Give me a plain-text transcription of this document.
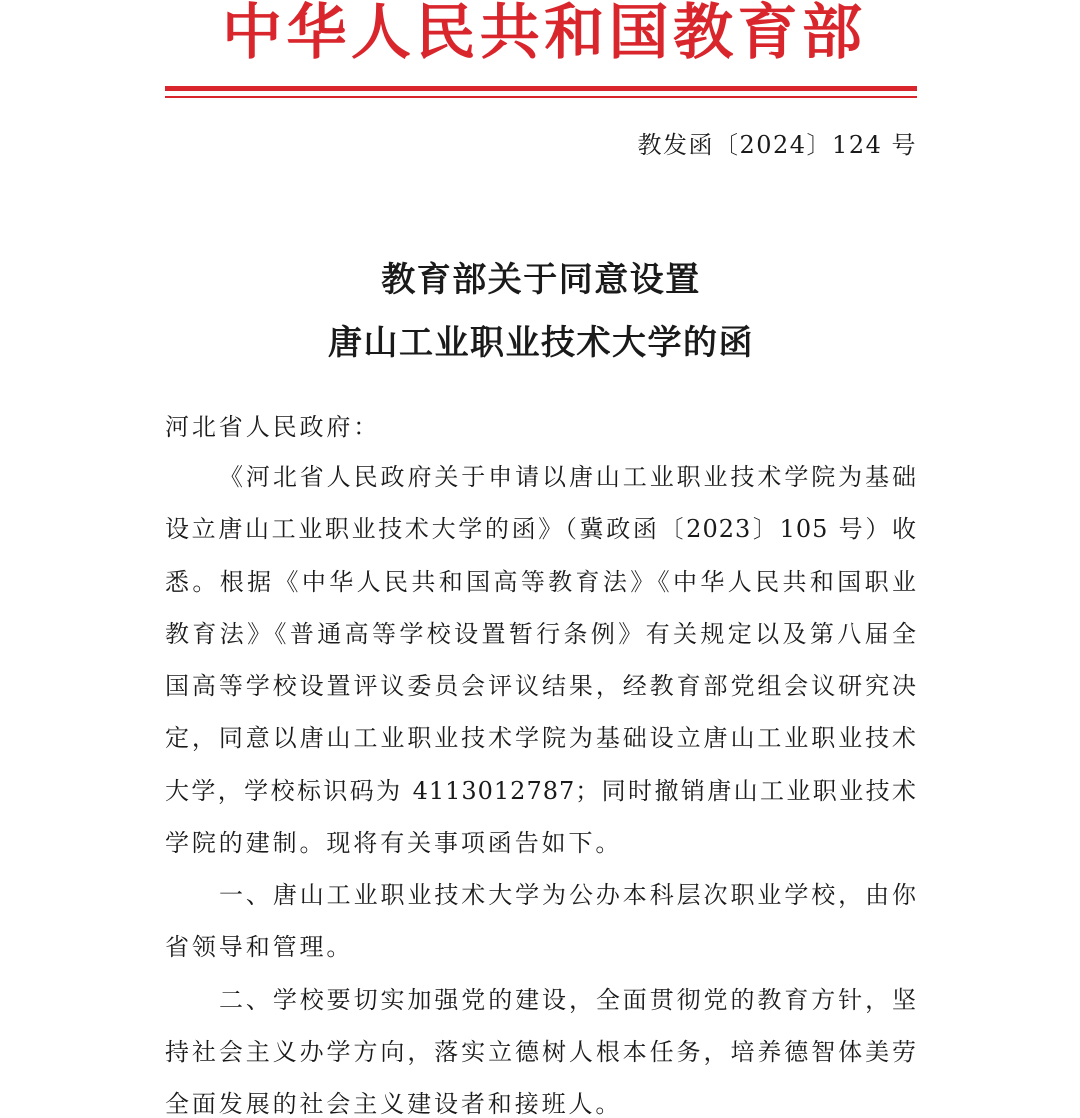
中华人民共和国教育部
教发函〔2024〕124 号
教育部关于同意设置
唐山工业职业技术大学的函
河北省人民政府：
《河北省人民政府关于申请以唐山工业职业技术学院为基础
设立唐山工业职业技术大学的函》（冀政函〔2023〕105 号）收
悉。根据《中华人民共和国高等教育法》《中华人民共和国职业
教育法》《普通高等学校设置暂行条例》有关规定以及第八届全
国高等学校设置评议委员会评议结果，经教育部党组会议研究决
定，同意以唐山工业职业技术学院为基础设立唐山工业职业技术
大学，学校标识码为 4113012787；同时撤销唐山工业职业技术
学院的建制。现将有关事项函告如下。
一、唐山工业职业技术大学为公办本科层次职业学校，由你
省领导和管理。
二、学校要切实加强党的建设，全面贯彻党的教育方针，坚
持社会主义办学方向，落实立德树人根本任务，培养德智体美劳
全面发展的社会主义建设者和接班人。
